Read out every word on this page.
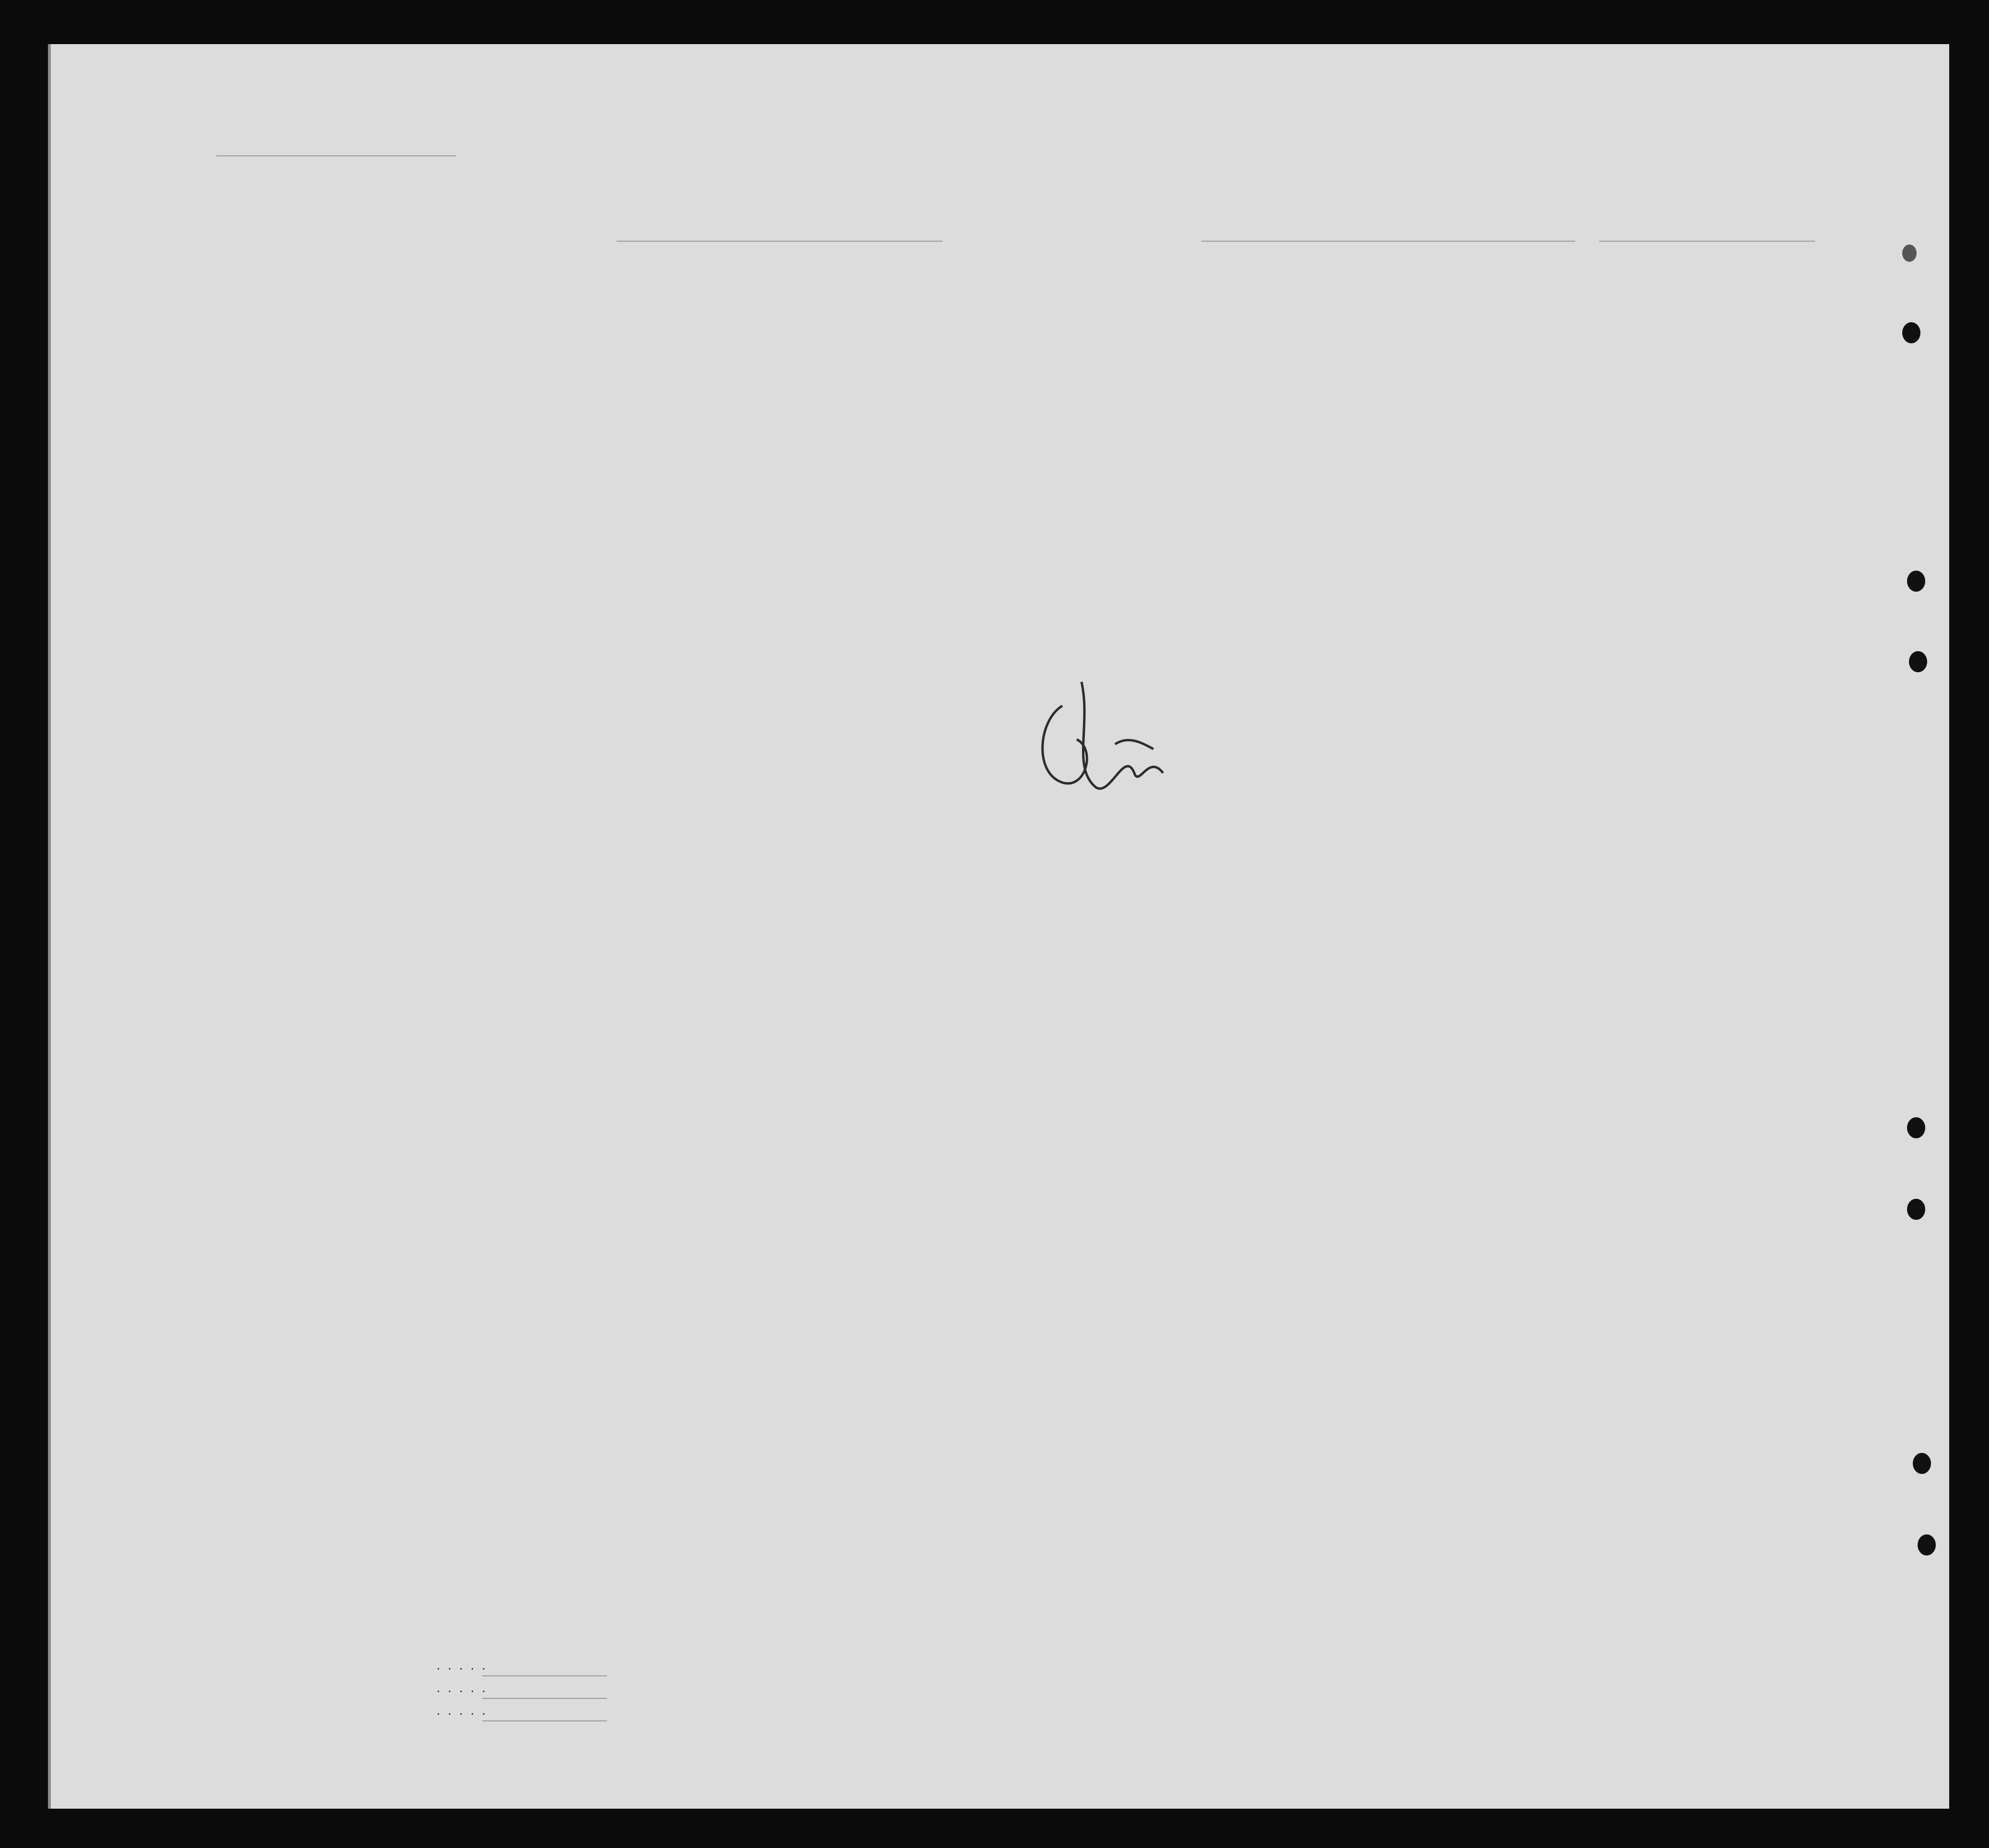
· · · · ·
· · · · ·
· · · · ·
